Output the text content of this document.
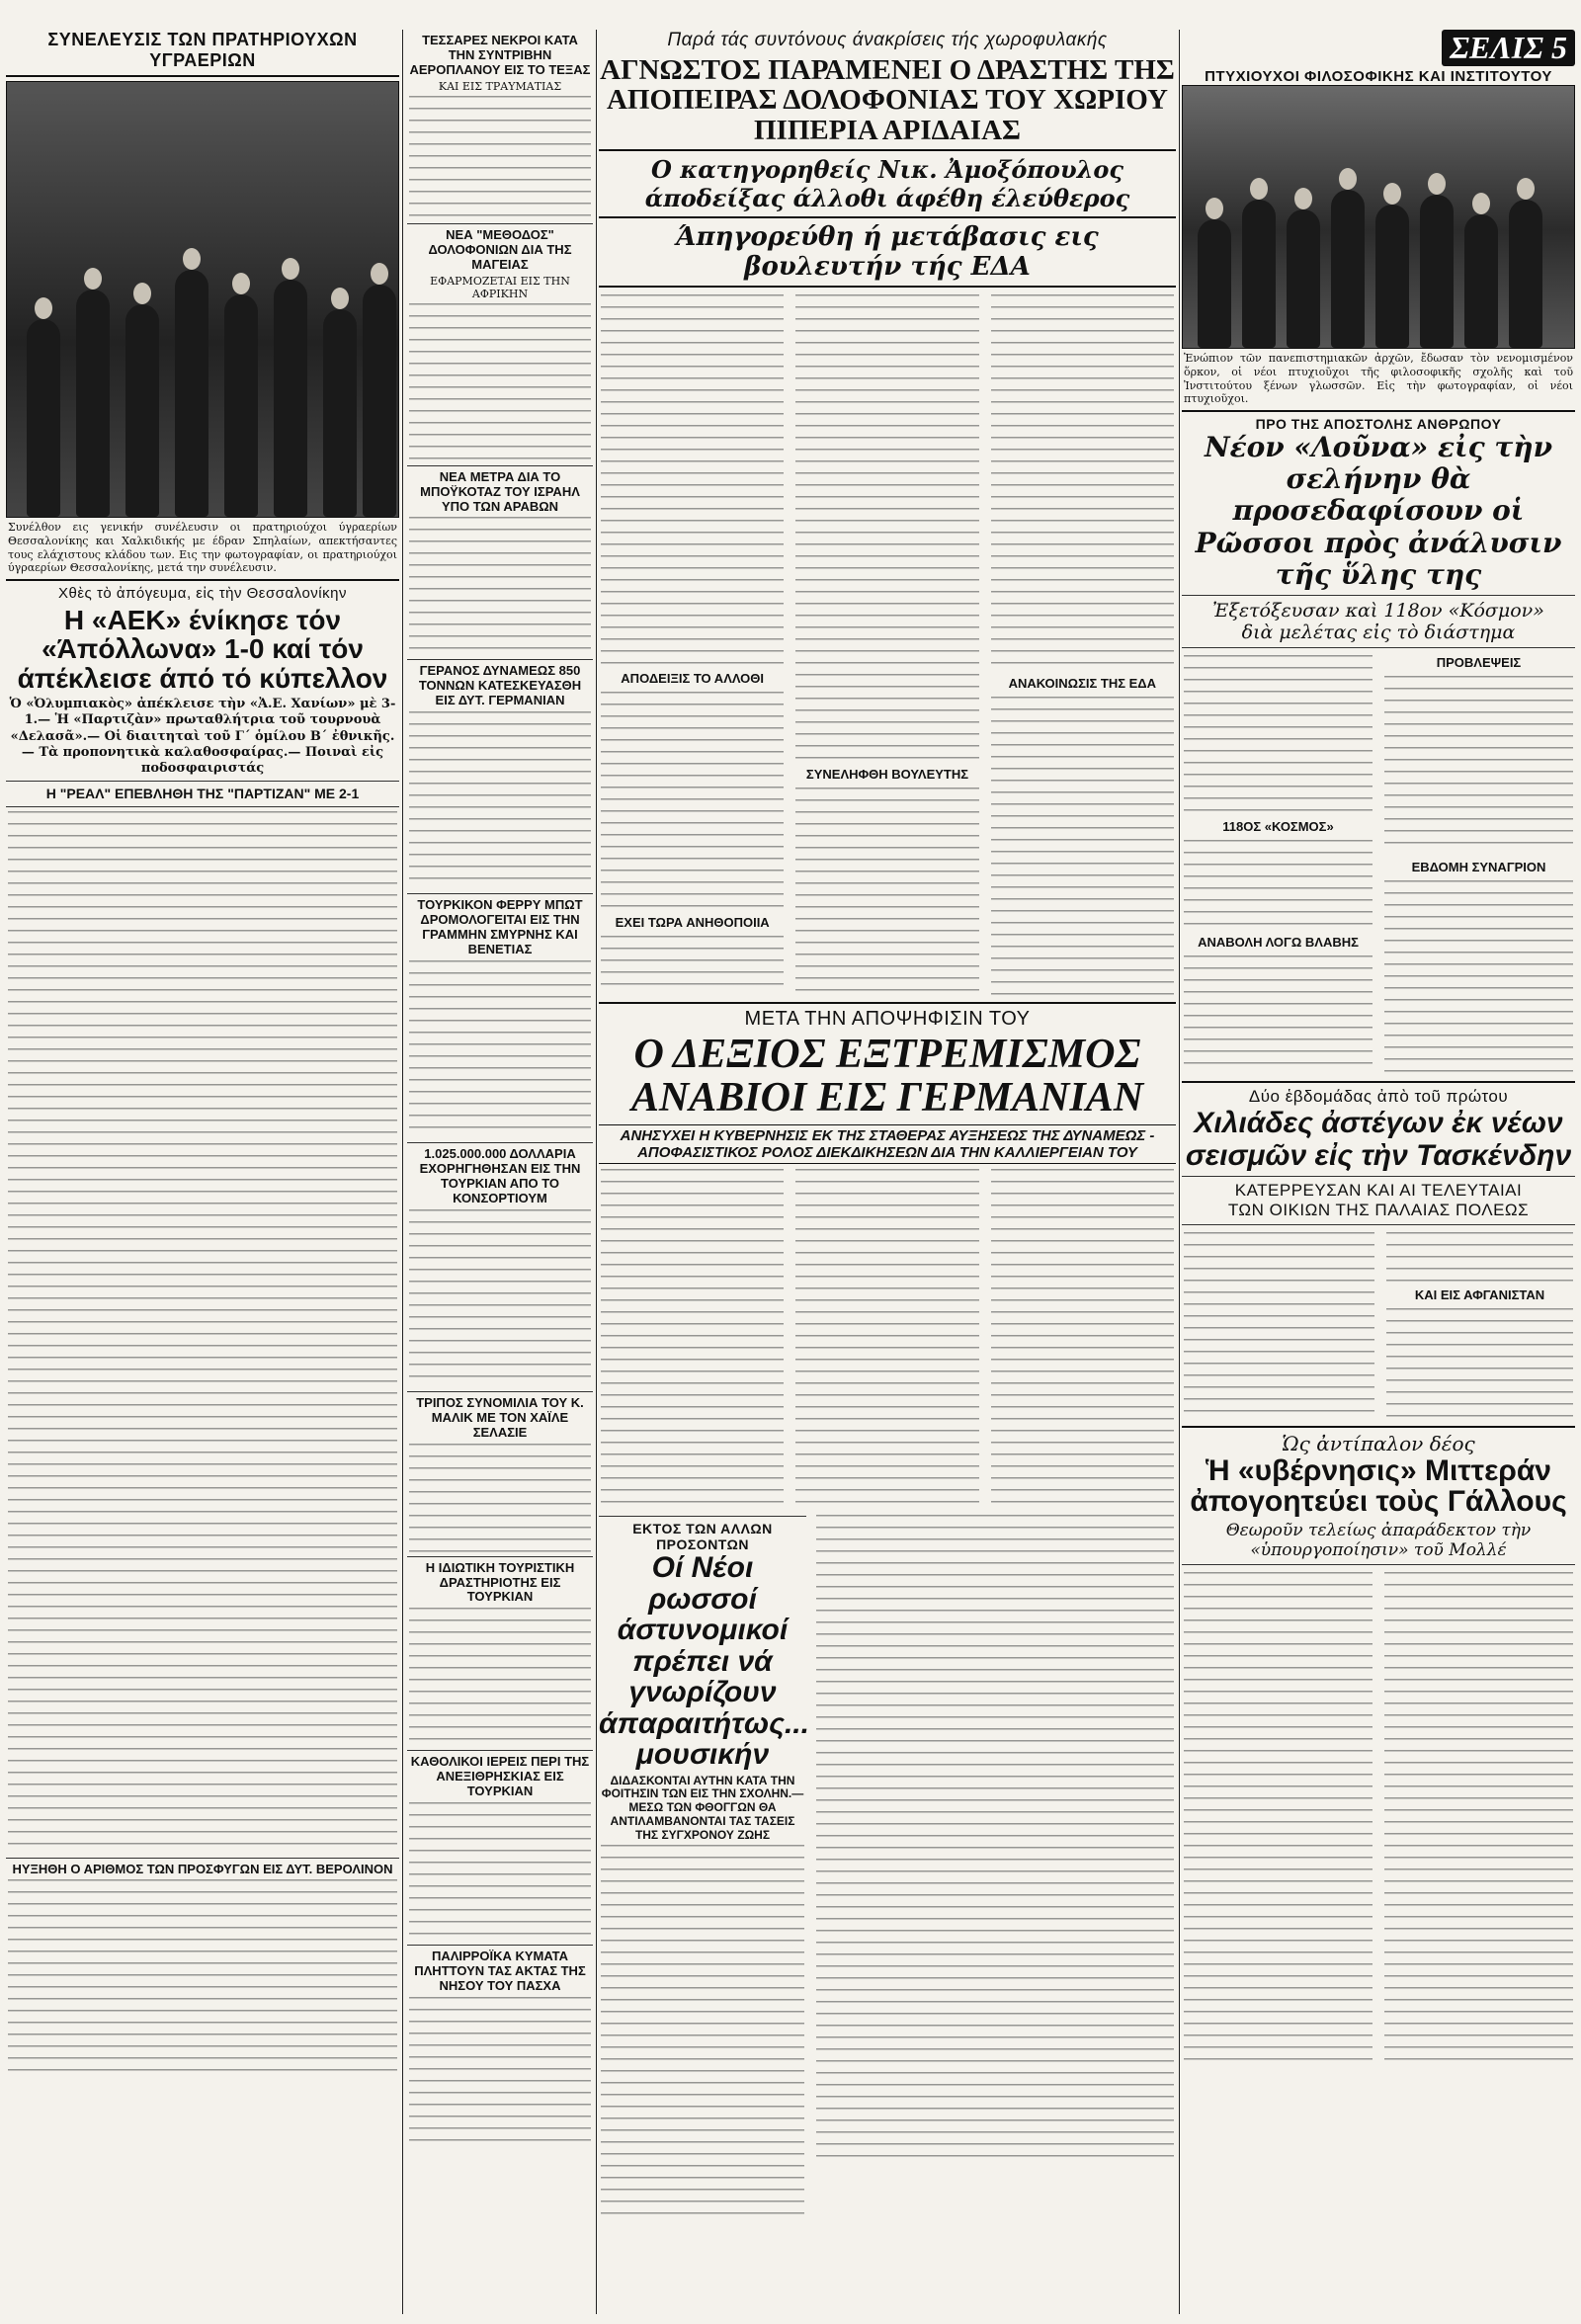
ΣΥΝΕΛΕΥΣΙΣ ΤΩΝ ΠΡΑΤΗΡΙΟΥΧΩΝ ΥΓΡΑΕΡΙΩΝ
Συνέλθον εις γενικήν συνέλευσιν οι πρατηριούχοι ύγραερίων Θεσσαλονίκης και Χαλκιδικής με έδραν Σπηλαίων, απεκτήσαντες τους ελάχιστους κλάδου των. Εις την φωτογραφίαν, οι πρατηριούχοι ύγραερίων Θεσσαλονίκης, μετά την συνέλευσιν.
Χθὲς τὸ ἀπόγευμα, εἰς τὴν Θεσσαλονίκην
Η «ΑΕΚ» ένίκησε τόν «Άπόλλωνα» 1-0 καί τόν άπέκλεισε άπό τό κύπελλον
Ὁ «Ὀλυμπιακὸς» ἀπέκλεισε τὴν «Ἀ.Ε. Χανίων» μὲ 3-1.— Ἡ «Παρτιζὰν» πρωταθλήτρια τοῦ τουρνουὰ «Δελασᾶ».— Οἱ διαιτηταὶ τοῦ Γ΄ ὁμίλου Β΄ ἐθνικῆς.— Τὰ προπονητικὰ καλαθοσφαίρας.— Ποιναὶ εἰς ποδοσφαιριστάς
Η "ΡΕΑΛ" ΕΠΕΒΛΗΘΗ ΤΗΣ "ΠΑΡΤΙΖΑΝ" ΜΕ 2-1
ΗΥΞΗΘΗ Ο ΑΡΙΘΜΟΣ ΤΩΝ ΠΡΟΣΦΥΓΩΝ ΕΙΣ ΔΥΤ. ΒΕΡΟΛΙΝΟΝ
ΤΕΣΣΑΡΕΣ ΝΕΚΡΟΙ ΚΑΤΑ ΤΗΝ ΣΥΝΤΡΙΒΗΝ ΑΕΡΟΠΛΑΝΟΥ ΕΙΣ ΤΟ ΤΕΞΑΣ
ΚΑΙ ΕΙΣ ΤΡΑΥΜΑΤΙΑΣ
ΝΕΑ "ΜΕΘΟΔΟΣ" ΔΟΛΟΦΟΝΙΩΝ ΔΙΑ ΤΗΣ ΜΑΓΕΙΑΣ
ΕΦΑΡΜΟΖΕΤΑΙ ΕΙΣ ΤΗΝ ΑΦΡΙΚΗΝ
ΝΕΑ ΜΕΤΡΑ ΔΙΑ ΤΟ ΜΠΟΫΚΟΤΑΖ ΤΟΥ ΙΣΡΑΗΛ ΥΠΟ ΤΩΝ ΑΡΑΒΩΝ
ΓΕΡΑΝΟΣ ΔΥΝΑΜΕΩΣ 850 ΤΟΝΝΩΝ ΚΑΤΕΣΚΕΥΑΣΘΗ ΕΙΣ ΔΥΤ. ΓΕΡΜΑΝΙΑΝ
ΤΟΥΡΚΙΚΟΝ ΦΕΡΡΥ ΜΠΩΤ ΔΡΟΜΟΛΟΓΕΙΤΑΙ ΕΙΣ ΤΗΝ ΓΡΑΜΜΗΝ ΣΜΥΡΝΗΣ ΚΑΙ ΒΕΝΕΤΙΑΣ
1.025.000.000 ΔΟΛΛΑΡΙΑ ΕΧΟΡΗΓΗΘΗΣΑΝ ΕΙΣ ΤΗΝ ΤΟΥΡΚΙΑΝ ΑΠΟ ΤΟ ΚΟΝΣΟΡΤΙΟΥΜ
ΤΡΙΠΟΣ ΣΥΝΟΜΙΛΙΑ ΤΟΥ Κ. ΜΑΛΙΚ ΜΕ ΤΟΝ ΧΑΪΛΕ ΣΕΛΑΣΙΕ
Η ΙΔΙΩΤΙΚΗ ΤΟΥΡΙΣΤΙΚΗ ΔΡΑΣΤΗΡΙΟΤΗΣ ΕΙΣ ΤΟΥΡΚΙΑΝ
ΚΑΘΟΛΙΚΟΙ ΙΕΡΕΙΣ ΠΕΡΙ ΤΗΣ ΑΝΕΞΙΘΡΗΣΚΙΑΣ ΕΙΣ ΤΟΥΡΚΙΑΝ
ΠΑΛΙΡΡΟΪΚΑ ΚΥΜΑΤΑ ΠΛΗΤΤΟΥΝ ΤΑΣ ΑΚΤΑΣ ΤΗΣ ΝΗΣΟΥ ΤΟΥ ΠΑΣΧΑ
Παρά τάς συντόνους άνακρίσεις τής χωροφυλακής
ΑΓΝΩΣΤΟΣ ΠΑΡΑΜΕΝΕΙ Ο ΔΡΑΣΤΗΣ ΤΗΣ ΑΠΟΠΕΙΡΑΣ ΔΟΛΟΦΟΝΙΑΣ ΤΟΥ ΧΩΡΙΟΥ ΠΙΠΕΡΙΑ ΑΡΙΔΑΙΑΣ
Ο κατηγορηθείς Νικ. Ἀμοξόπουλος
άποδείξας άλλοθι άφέθη έλεύθερος
Άπηγορεύθη ή μετάβασις εις βουλευτήν τής ΕΔΑ
ΑΠΟΔΕΙΞΙΣ ΤΟ ΑΛΛΟΘΙ
ΕΧΕΙ ΤΩΡΑ ΑΝΗΘΟΠΟΙΙΑ
ΣΥΝΕΛΗΦΘΗ ΒΟΥΛΕΥΤΗΣ
ΑΝΑΚΟΙΝΩΣΙΣ ΤΗΣ ΕΔΑ
ΜΕΤΑ ΤΗΝ ΑΠΟΨΗΦΙΣΙΝ ΤΟΥ
Ο ΔΕΞΙΟΣ ΕΞΤΡΕΜΙΣΜΟΣ ΑΝΑΒΙΟΙ ΕΙΣ ΓΕΡΜΑΝΙΑΝ
ΑΝΗΣΥΧΕΙ Η ΚΥΒΕΡΝΗΣΙΣ ΕΚ ΤΗΣ ΣΤΑΘΕΡΑΣ ΑΥΞΗΣΕΩΣ ΤΗΣ ΔΥΝΑΜΕΩΣ - ΑΠΟΦΑΣΙΣΤΙΚΟΣ ΡΟΛΟΣ ΔΙΕΚΔΙΚΗΣΕΩΝ ΔΙΑ ΤΗΝ ΚΑΛΛΙΕΡΓΕΙΑΝ ΤΟΥ
ΕΚΤΟΣ ΤΩΝ ΑΛΛΩΝ ΠΡΟΣΟΝΤΩΝ
Οί Νέοι ρωσσοί άστυνομικοί πρέπει νά γνωρίζουν άπαραιτήτως... μουσικήν
ΔΙΔΑΣΚΟΝΤΑΙ ΑΥΤΗΝ ΚΑΤΑ ΤΗΝ ΦΟΙΤΗΣΙΝ ΤΩΝ ΕΙΣ ΤΗΝ ΣΧΟΛΗΝ.— ΜΕΣΩ ΤΩΝ ΦΘΟΓΓΩΝ ΘΑ ΑΝΤΙΛΑΜΒΑΝΟΝΤΑΙ ΤΑΣ ΤΑΣΕΙΣ ΤΗΣ ΣΥΓΧΡΟΝΟΥ ΖΩΗΣ
ΣΕΛΙΣ 5
ΠΤΥΧΙΟΥΧΟΙ ΦΙΛΟΣΟΦΙΚΗΣ ΚΑΙ ΙΝΣΤΙΤΟΥΤΟΥ
Ἐνώπιον τῶν πανεπιστημιακῶν ἀρχῶν, ἔδωσαν τὸν νενομισμένον ὅρκον, οἱ νέοι πτυχιοῦχοι τῆς φιλοσοφικῆς σχολῆς καὶ τοῦ Ἰνστιτούτου ξένων γλωσσῶν. Εἰς τὴν φωτογραφίαν, οἱ νέοι πτυχιοῦχοι.
ΠΡΟ ΤΗΣ ΑΠΟΣΤΟΛΗΣ ΑΝΘΡΩΠΟΥ
Νέον «Λοῦνα» εἰς τὴν σελήνην θὰ προσεδαφίσουν οἱ Ρῶσσοι πρὸς ἀνάλυσιν τῆς ὕλης της
Ἐξετόξευσαν καὶ 118ον «Κόσμον»
διὰ μελέτας εἰς τὸ διάστημα
118ΟΣ «ΚΟΣΜΟΣ»
ΑΝΑΒΟΛΗ ΛΟΓΩ ΒΛΑΒΗΣ
ΠΡΟΒΛΕΨΕΙΣ
ΕΒΔΟΜΗ ΣΥΝΑΓΡΙΟΝ
Δύο ἑβδομάδας ἀπὸ τοῦ πρώτου
Χιλιάδες ἀστέγων ἐκ νέων σεισμῶν εἰς τὴν Τασκένδην
ΚΑΤΕΡΡΕΥΣΑΝ ΚΑΙ ΑΙ ΤΕΛΕΥΤΑΙΑΙ
ΤΩΝ ΟΙΚΙΩΝ ΤΗΣ ΠΑΛΑΙΑΣ ΠΟΛΕΩΣ
ΚΑΙ ΕΙΣ ΑΦΓΑΝΙΣΤΑΝ
Ὡς ἀντίπαλον δέος
Ἡ «υβέρνησις» Μιττεράν ἀπογοητεύει τοὺς Γάλλους
Θεωροῦν τελείως ἀπαράδεκτον τὴν «ὑπουργοποίησιν» τοῦ Μολλέ
